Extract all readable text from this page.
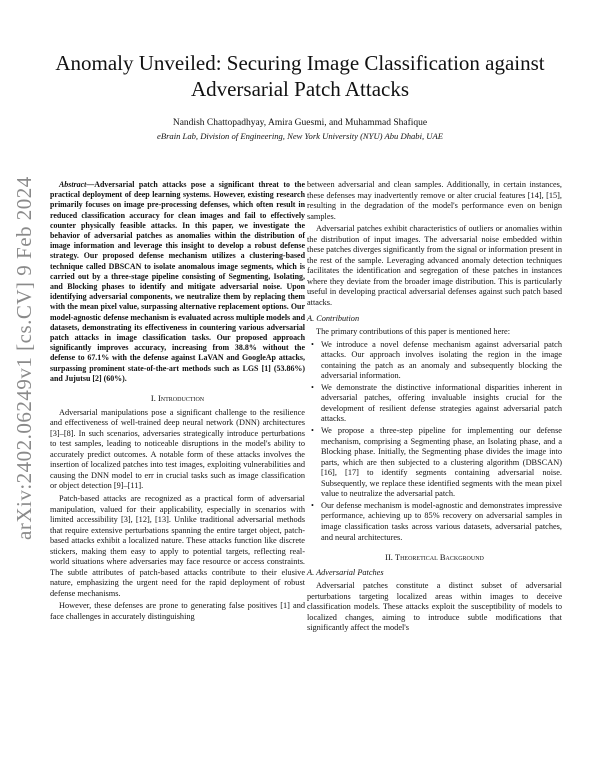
Anomaly Unveiled: Securing Image Classification against Adversarial Patch Attacks
Nandish Chattopadhyay, Amira Guesmi, and Muhammad Shafique
eBrain Lab, Division of Engineering, New York University (NYU) Abu Dhabi, UAE
arXiv:2402.06249v1 [cs.CV] 9 Feb 2024	Abstract—Adversarial patch attacks pose a significant threat to the practical deployment of deep learning systems. However, existing research primarily focuses on image pre-processing defenses, which often result in reduced classification accuracy for clean images and fail to effectively counter physically feasible attacks. In this paper, we investigate the behavior of adversarial patches as anomalies within the distribution of image information and leverage this insight to develop a robust defense strategy. Our proposed defense mechanism utilizes a clustering-based technique called DBSCAN to isolate anomalous image segments, which is carried out by a three-stage pipeline consisting of Segmenting, Isolating, and Blocking phases to identify and mitigate adversarial noise. Upon identifying adversarial components, we neutralize them by replacing them with the mean pixel value, surpassing alternative replacement options. Our model-agnostic defense mechanism is evaluated across multiple models and datasets, demonstrating its effectiveness in countering various adversarial patch attacks in image classification tasks. Our proposed approach significantly improves accuracy, increasing from 38.8% without the defense to 67.1% with the defense against LaVAN and GoogleAp attacks, surpassing prominent state-of-the-art methods such as LGS [1] (53.86%) and Jujutsu [2] (60%).

I. Introduction

Adversarial manipulations pose a significant challenge to the resilience and effectiveness of well-trained deep neural network (DNN) architectures [3]–[8]. In such scenarios, adversaries strategically introduce perturbations to test samples, leading to noticeable disruptions in the model's ability to accurately predict outcomes. A notable form of these attacks involves the insertion of localized patches into test images, exploiting vulnerabilities and causing the DNN model to err in crucial tasks such as image classification or object detection [9]–[11].

Patch-based attacks are recognized as a practical form of adversarial manipulation, valued for their applicability, especially in scenarios with limited accessibility [3], [12], [13]. Unlike traditional adversarial methods that require extensive perturbations spanning the entire target object, patch-based attacks exhibit a localized nature. These attacks function like discrete stickers, making them easy to apply to potential targets, reflecting real-world situations where adversaries may face resource or access constraints. The subtle attributes of patch-based attacks contribute to their elusive nature, emphasizing the urgent need for the rapid deployment of robust defense mechanisms.

However, these defenses are prone to generating false positives [1] and face challenges in accurately distinguishing

between adversarial and clean samples. Additionally, in certain instances, these defenses may inadvertently remove or alter crucial features [14], [15], resulting in the degradation of the model's performance even on benign samples.

Adversarial patches exhibit characteristics of outliers or anomalies within the distribution of input images. The adversarial noise embedded within these patches diverges significantly from the signal or information present in the rest of the sample. Leveraging advanced anomaly detection techniques facilitates the identification and segregation of these patches in instances where they deviate from the broader image distribution. This is particularly useful in developing practical adversarial defenses against such patch based attacks.

A. Contribution

The primary contributions of this paper is mentioned here:

• We introduce a novel defense mechanism against adversarial patch attacks. Our approach involves isolating the region in the image containing the patch as an anomaly and subsequently blocking the adversarial information.
• We demonstrate the distinctive informational disparities inherent in adversarial patches, offering invaluable insights crucial for the development of resilient defense strategies against adversarial patch attacks.
• We propose a three-step pipeline for implementing our defense mechanism, comprising a Segmenting phase, an Isolating phase, and a Blocking phase. Initially, the Segmenting phase divides the image into parts, which are then subjected to a clustering algorithm (DBSCAN) [16], [17] to identify segments containing adversarial noise. Subsequently, we replace these identified segments with the mean pixel value to neutralize the adversarial patch.
• Our defense mechanism is model-agnostic and demonstrates impressive performance, achieving up to 85% recovery on adversarial samples in image classification tasks across various datasets, adversarial patches, and neural architectures.
II. Theoretical Background
A. Adversarial Patches

Adversarial patches constitute a distinct subset of adversarial perturbations targeting localized areas within images to deceive classification models. These attacks exploit the susceptibility of models to localized changes, aiming to introduce subtle modifications that significantly affect the model's
